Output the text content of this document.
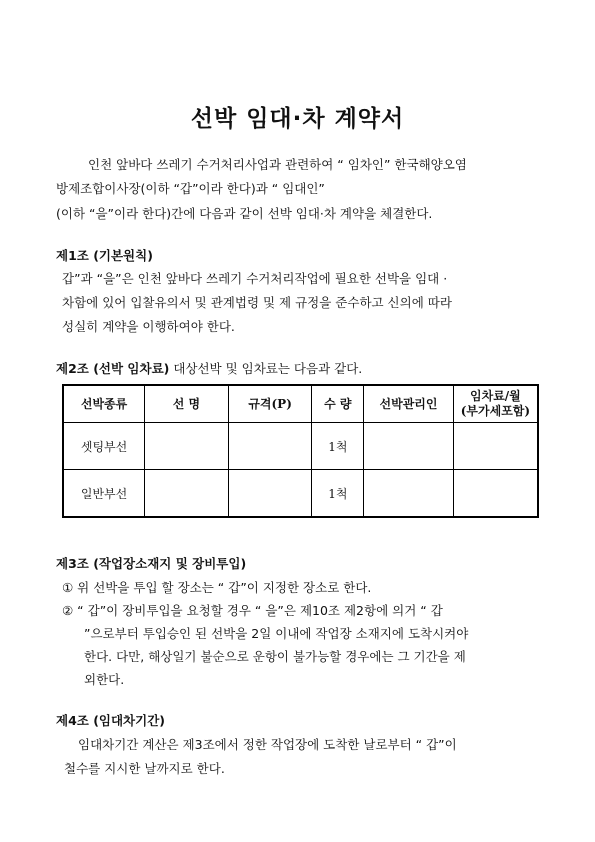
선박 임대·차 계약서
인천 앞바다 쓰레기 수거처리사업과 관련하여 “ 임차인” 한국해양오염
방제조합이사장(이하 “갑”이라 한다)과 “ 임대인”
(이하 “을”이라 한다)간에 다음과 같이 선박 임대·차 계약을 체결한다.
제1조 (기본원칙)
갑”과 “을”은 인천 앞바다 쓰레기 수거처리작업에 필요한 선박을 임대 ·
차함에 있어 입찰유의서 및 관계법령 및 제 규정을 준수하고 신의에 따라
성실히 계약을 이행하여야 한다.
제2조 (선박 임차료) 대상선박 및 임차료는 다음과 같다.
선박종류	선 명	규격(P)	수 량	선박관리인	임차료/월
(부가세포함)

셋팅부선			1척		
일반부선			1척		
제3조 (작업장소재지 및 장비투입)
① 위 선박을 투입 할 장소는 “ 갑”이 지정한 장소로 한다.
② “ 갑”이 장비투입을 요청할 경우 “ 을”은 제10조 제2항에 의거 “ 갑
”으로부터 투입승인 된 선박을 2일 이내에 작업장 소재지에 도착시켜야
한다. 다만, 해상일기 불순으로 운항이 불가능할 경우에는 그 기간을 제
외한다.
제4조 (임대차기간)
임대차기간 계산은 제3조에서 정한 작업장에 도착한 날로부터 “ 갑”이
철수를 지시한 날까지로 한다.
